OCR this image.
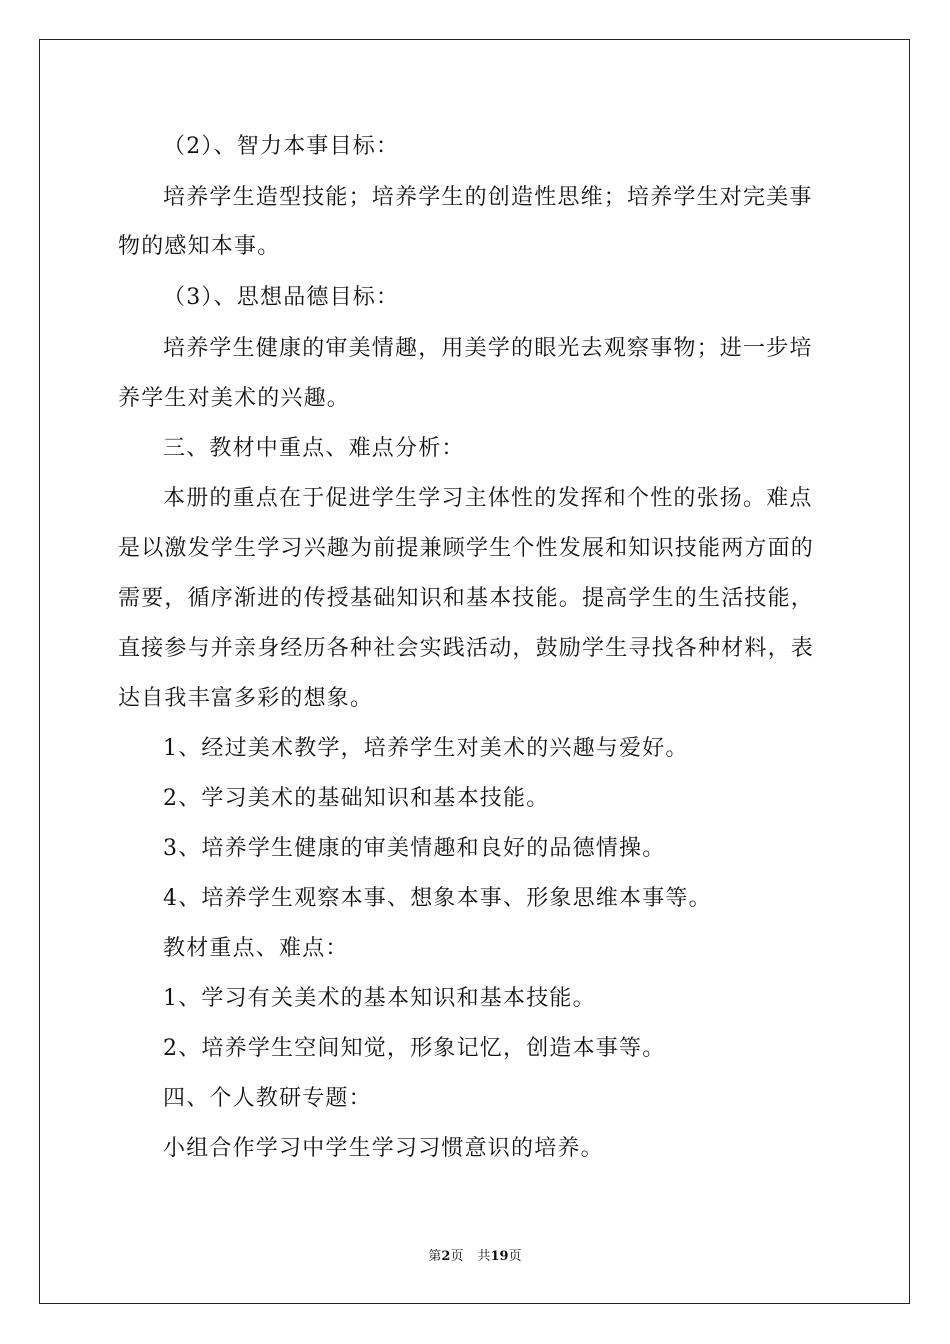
（2）、智力本事目标：
培养学生造型技能；培养学生的创造性思维；培养学生对完美事
物的感知本事。
（3）、思想品德目标：
培养学生健康的审美情趣，用美学的眼光去观察事物；进一步培
养学生对美术的兴趣。
三、教材中重点、难点分析：
本册的重点在于促进学生学习主体性的发挥和个性的张扬。难点
是以激发学生学习兴趣为前提兼顾学生个性发展和知识技能两方面的
需要，循序渐进的传授基础知识和基本技能。提高学生的生活技能，
直接参与并亲身经历各种社会实践活动，鼓励学生寻找各种材料，表
达自我丰富多彩的想象。
1、经过美术教学，培养学生对美术的兴趣与爱好。
2、学习美术的基础知识和基本技能。
3、培养学生健康的审美情趣和良好的品德情操。
4、培养学生观察本事、想象本事、形象思维本事等。
教材重点、难点：
1、学习有关美术的基本知识和基本技能。
2、培养学生空间知觉，形象记忆，创造本事等。
四、个人教研专题：
小组合作学习中学生学习习惯意识的培养。
第2页 共19页
